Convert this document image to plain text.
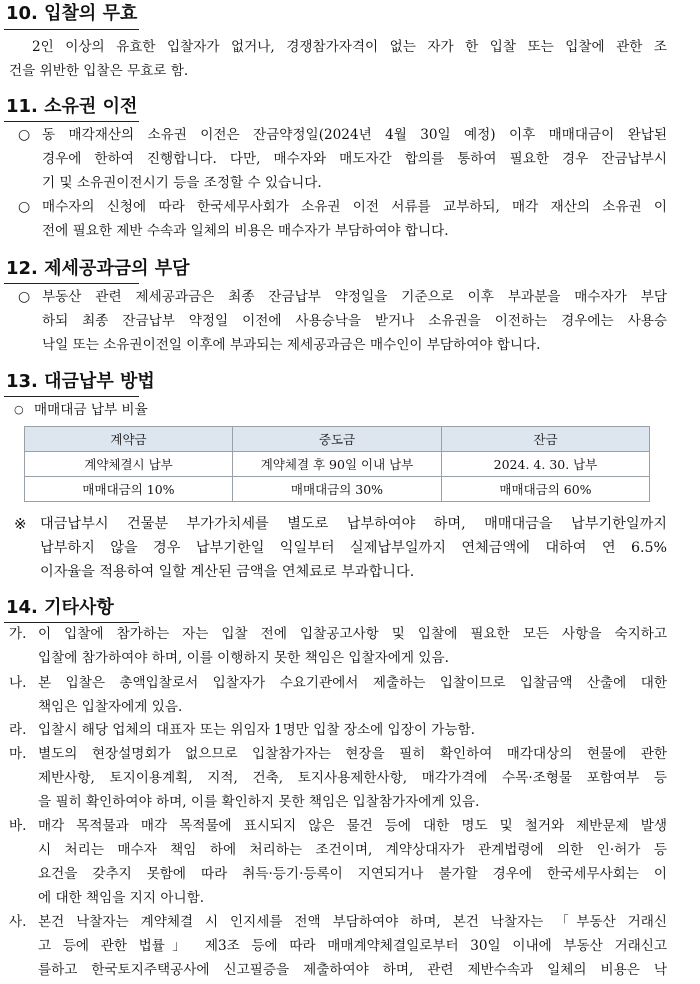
10. 입찰의 무효
2인 이상의 유효한 입찰자가 없거나, 경쟁참가자격이 없는 자가 한 입찰 또는 입찰에 관한 조
건을 위반한 입찰은 무효로 함.
11. 소유권 이전
○ 동 매각재산의 소유권 이전은 잔금약정일(2024년 4월 30일 예정) 이후 매매대금이 완납된
경우에 한하여 진행합니다. 다만, 매수자와 매도자간 합의를 통하여 필요한 경우 잔금납부시
기 및 소유권이전시기 등을 조정할 수 있습니다.
○ 매수자의 신청에 따라 한국세무사회가 소유권 이전 서류를 교부하되, 매각 재산의 소유권 이
전에 필요한 제반 수속과 일체의 비용은 매수자가 부담하여야 합니다.
12. 제세공과금의 부담
○ 부동산 관련 제세공과금은 최종 잔금납부 약정일을 기준으로 이후 부과분을 매수자가 부담
하되 최종 잔금납부 약정일 이전에 사용승낙을 받거나 소유권을 이전하는 경우에는 사용승
낙일 또는 소유권이전일 이후에 부과되는 제세공과금은 매수인이 부담하여야 합니다.
13. 대금납부 방법
○ 매매대금 납부 비율
계약금	중도금	잔금
계약체결시 납부	계약체결 후 90일 이내 납부	2024. 4. 30. 납부
매매대금의 10%	매매대금의 30%	매매대금의 60%
※ 대금납부시 건물분 부가가치세를 별도로 납부하여야 하며, 매매대금을 납부기한일까지
납부하지 않을 경우 납부기한일 익일부터 실제납부일까지 연체금액에 대하여 연 6.5%
이자율을 적용하여 일할 계산된 금액을 연체료로 부과합니다.
14. 기타사항
가. 이 입찰에 참가하는 자는 입찰 전에 입찰공고사항 및 입찰에 필요한 모든 사항을 숙지하고
입찰에 참가하여야 하며, 이를 이행하지 못한 책임은 입찰자에게 있음.
나. 본 입찰은 총액입찰로서 입찰자가 수요기관에서 제출하는 입찰이므로 입찰금액 산출에 대한
책임은 입찰자에게 있음.
라. 입찰시 해당 업체의 대표자 또는 위임자 1명만 입찰 장소에 입장이 가능함.
마. 별도의 현장설명회가 없으므로 입찰참가자는 현장을 필히 확인하여 매각대상의 현물에 관한
제반사항, 토지이용계획, 지적, 건축, 토지사용제한사항, 매각가격에 수목·조형물 포함여부 등
을 필히 확인하여야 하며, 이를 확인하지 못한 책임은 입찰참가자에게 있음.
바. 매각 목적물과 매각 목적물에 표시되지 않은 물건 등에 대한 명도 및 철거와 제반문제 발생
시 처리는 매수자 책임 하에 처리하는 조건이며, 계약상대자가 관계법령에 의한 인·허가 등
요건을 갖추지 못함에 따라 취득·등기·등록이 지연되거나 불가할 경우에 한국세무사회는 이
에 대한 책임을 지지 아니함.
사. 본건 낙찰자는 계약체결 시 인지세를 전액 부담하여야 하며, 본건 낙찰자는 「부동산 거래신
고 등에 관한 법률」 제3조 등에 따라 매매계약체결일로부터 30일 이내에 부동산 거래신고
를하고 한국토지주택공사에 신고필증을 제출하여야 하며, 관련 제반수속과 일체의 비용은 낙
